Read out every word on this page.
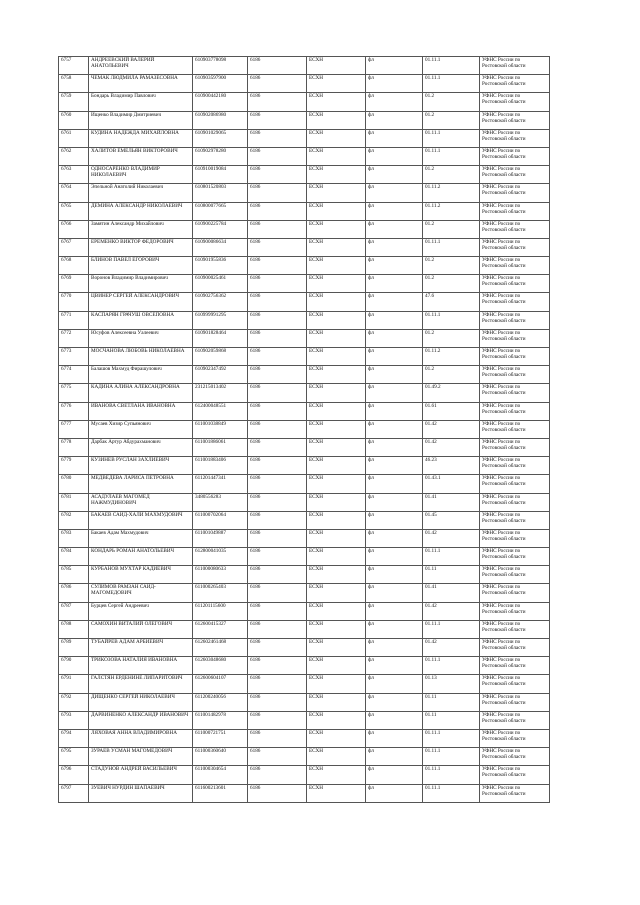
6757	АНДРЕЕВСКИЙ ВАЛЕРИЙ АНАТОЛЬЕВИЧ	610903778098	6186	ЕСХН	фл	01.11.1	УФНС России по
Ростовской области

6758	ЧЕМАК ЛЮДМИЛА РАМАЗЕСОВНА	610903597900	6186	ЕСХН	фл	01.11.1	УФНС России по
Ростовской области

6759	Бондарь Владимир Павлович	610900442180	6186	ЕСХН	фл	01.2	УФНС России по
Ростовской области

6760	Ищенко Владимир Дмитриевич	610902086980	6186	ЕСХН	фл	01.2	УФНС России по
Ростовской области

6761	КУДИНА НАДЕЖДА МИХАЙЛОВНА	610901029065	6186	ЕСХН	фл	01.11.1	УФНС России по
Ростовской области

6762	ХАЛИТОВ ЕМЕЛЬЯН ВИКТОРОВИЧ	610902978280	6186	ЕСХН	фл	01.11.1	УФНС России по
Ростовской области

6763	ОДНОСАРЕНКО ВЛАДИМИР НИКОЛАЕВИЧ	610910019084	6186	ЕСХН	фл	01.2	УФНС России по
Ростовской области

6764	Эпельной Анатолий Николаевич	610801520803	6186	ЕСХН	фл	01.11.2	УФНС России по
Ростовской области

6765	ДЕМИНА АЛЕКСАНДР НИКОЛАЕВИЧ	610800077665	6186	ЕСХН	фл	01.11.2	УФНС России по
Ростовской области

6766	Замятин Александр Михайлович	610900225784	6186	ЕСХН	фл	01.2	УФНС России по
Ростовской области

6767	ЕРЕМЕНКО ВИКТОР ФЕДОРОВИЧ	610900086634	6186	ЕСХН	фл	01.11.1	УФНС России по
Ростовской области

6768	БЛИНОВ ПАВЕЛ ЕГОРОВИЧ	610901955836	6186	ЕСХН	фл	01.2	УФНС России по
Ростовской области

6769	Воронов Владимир Владимирович	610900025461	6186	ЕСХН	фл	01.2	УФНС России по
Ростовской области

6770	ЦВИНЕР СЕРГЕЙ АЛЕКСАНДРОВИЧ	610902756362	6186	ЕСХН	фл	47.6	УФНС России по
Ростовской области

6771	КАСПАРЯН ГРАЧУШ ОВСЕПОВНА	610999991295	6186	ЕСХН	фл	01.11.1	УФНС России по
Ростовской области

6772	Юсуфов Алексеевна Уалеевич	610901828464	6186	ЕСХН	фл	01.2	УФНС России по
Ростовской области

6773	МОСЧАНОВА ЛЮБОВЬ НИКОЛАЕВНА	610902059868	6186	ЕСХН	фл	01.11.2	УФНС России по
Ростовской области

6774	Балашов Махмуд Фирашулович	610902347492	6186	ЕСХН	фл	01.2	УФНС России по
Ростовской области

6775	КАДИНА АЛИНА АЛЕКСАНДРОВНА	231215013402	6186	ЕСХН	фл	01.49.2	УФНС России по
Ростовской области

6776	ИВАНОВА СВЕТЛАНА ИВАНОВНА	612400048551	6186	ЕСХН	фл	01.61	УФНС России по
Ростовской области

6777	Мусаев Хизир Супьянович	611001038849	6186	ЕСХН	фл	01.42	УФНС России по
Ростовской области

6778	Дарбак Артур Абдурахманович	611001886061	6186	ЕСХН	фл	01.42	УФНС России по
Ростовской области

6779	КУЗИНЕВ РУСЛАН ЗАХЛИЕВИЧ	611001883406	6186	ЕСХН	фл	46.23	УФНС России по
Ростовской области

6780	МЕДВЕДЕВА ЛАРИСА ПЕТРОВНА	611201447341	6186	ЕСХН	фл	01.43.1	УФНС России по
Ростовской области

6781	АСАДУЛАЕВ МАГОМЕД НАЖМУДИНОВИЧ	3480556283	6186	ЕСХН	фл	01.41	УФНС России по
Ростовской области

6782	БАКАЕВ САИД-ХАЛИ МАХМУДОВИЧ	611000702064	6186	ЕСХН	фл	01.45	УФНС России по
Ростовской области

6783	Бакаев Адам Махмудович	611001049887	6186	ЕСХН	фл	01.42	УФНС России по
Ростовской области

6784	КОНДАРЬ РОМАН АНАТОЛЬЕВИЧ	612800041035	6186	ЕСХН	фл	01.11.1	УФНС России по
Ростовской области

6785	КУРБАНОВ МУХТАР КАДИЕВИЧ	611000080633	6186	ЕСХН	фл	01.11	УФНС России по
Ростовской области

6786	СУЛИМОВ РАМЗАН САИД-МАГОМЕДОВИЧ	611000265403	6186	ЕСХН	фл	01.41	УФНС России по
Ростовской области

6787	Бурцев Сергей Андреевич	611201115600	6186	ЕСХН	фл	01.42	УФНС России по
Ростовской области

6788	САМОХИН ВИТАЛИЙ ОЛЕГОВИЧ	612600415327	6186	ЕСХН	фл	01.11.1	УФНС России по
Ростовской области

6789	ТУБАЙРЕВ АДАМ АРБИЕВИЧ	612602461468	6186	ЕСХН	фл	01.42	УФНС России по
Ростовской области

6790	ТРИКОЗОВА НАТАЛИЯ ИВАНОВНА	612603048680	6186	ЕСХН	фл	01.11.1	УФНС России по
Ростовской области

6791	ГАЛСТЯН ЕРДЕНИНЕ ЛИПАРИТОВИЧ	612600604107	6186	ЕСХН	фл	01.13	УФНС России по
Ростовской области

6792	ДИЩЕНКО СЕРГЕЙ НИКОЛАЕВИЧ	611200240056	6186	ЕСХН	фл	01.11	УФНС России по
Ростовской области

6793	ДАРВИНЕНКО АЛЕКСАНДР ИВАНОВИЧ	611001482978	6186	ЕСХН	фл	01.11	УФНС России по
Ростовской области

6794	ЛЯХОВАЯ АННА ВЛАДИМИРОВНА	611000721751	6186	ЕСХН	фл	01.11.1	УФНС России по
Ростовской области

6795	ЗУРАЕВ УСМАН МАГОМЕДОВИЧ	611000360640	6186	ЕСХН	фл	01.11.1	УФНС России по
Ростовской области

6796	СТАДУНОВ АНДРЕЙ ВАСИЛЬЕВИЧ	611000304654	6186	ЕСХН	фл	01.11.1	УФНС России по
Ростовской области

6797	ЗУЕВИЧ НУРДИН ШАПАЕВИЧ	611600213601	6186	ЕСХН	фл	01.11.1	УФНС России по
Ростовской области
